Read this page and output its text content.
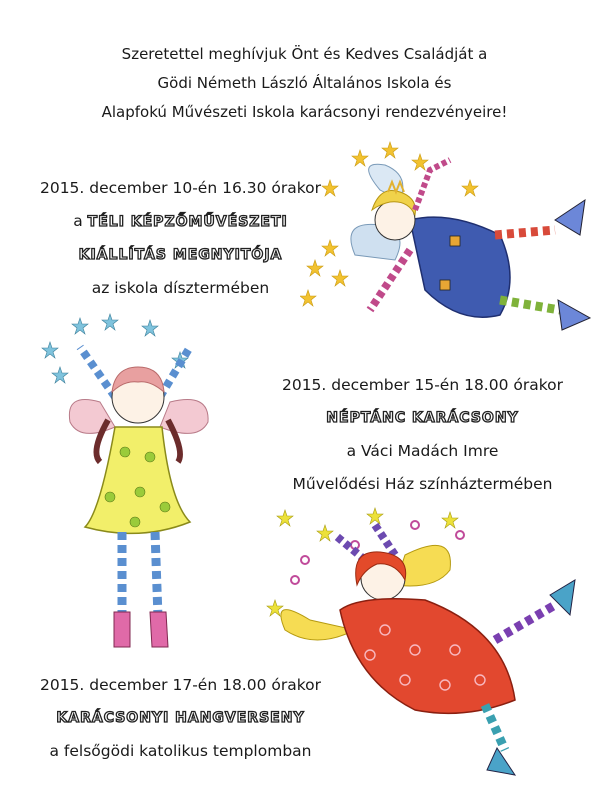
Szeretettel meghívjuk Önt és Kedves Családját a
Gödi Németh László Általános Iskola és
Alapfokú Művészeti Iskola karácsonyi rendezvényeire!
2015. december 10-én 16.30 órakor
a TÉLI KÉPZŐMŰVÉSZETI
KIÁLLÍTÁS MEGNYITÓJA
az iskola dísztermében
2015. december 15-én 18.00 órakor
NÉPTÁNC KARÁCSONY
a Váci Madách Imre
Művelődési Ház színháztermében
2015. december 17-én 18.00 órakor
KARÁCSONYI HANGVERSENY
a felsőgödi katolikus templomban
